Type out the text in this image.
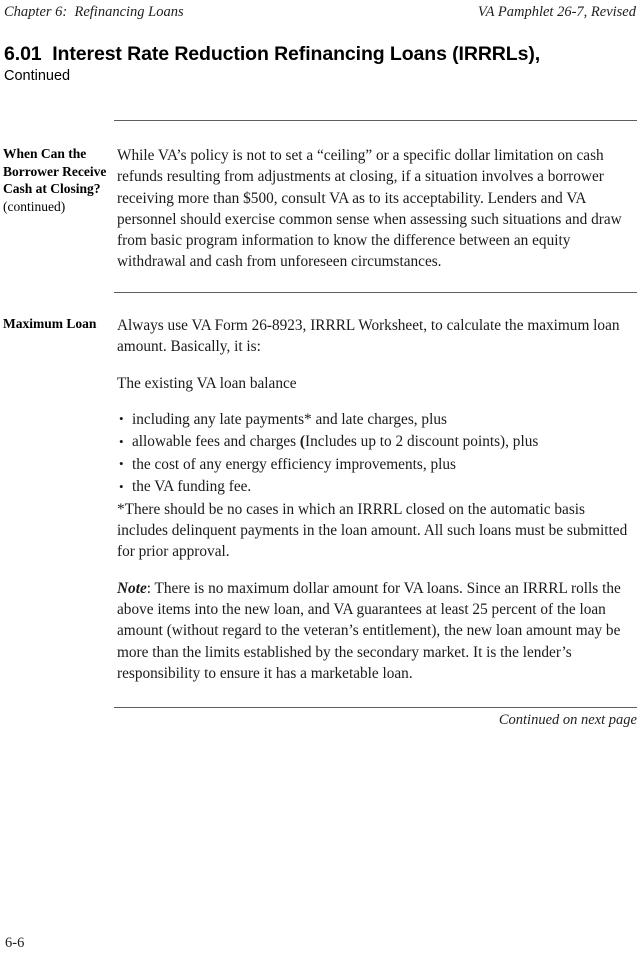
Chapter 6:  Refinancing Loans	VA Pamphlet 26-7, Revised
6.01  Interest Rate Reduction Refinancing Loans (IRRRLs),
Continued
When Can the Borrower Receive Cash at Closing?
(continued)

While VA’s policy is not to set a “ceiling” or a specific dollar limitation on cash refunds resulting from adjustments at closing, if a situation involves a borrower receiving more than $500, consult VA as to its acceptability. Lenders and VA personnel should exercise common sense when assessing such situations and draw from basic program information to know the difference between an equity withdrawal and cash from unforeseen circumstances.

Maximum Loan	Always use VA Form 26-8923, IRRRL Worksheet, to calculate the maximum loan amount. Basically, it is:

The existing VA loan balance

• including any late payments* and late charges, plus
• allowable fees and charges (Includes up to 2 discount points), plus
• the cost of any energy efficiency improvements, plus
• the VA funding fee.

*There should be no cases in which an IRRRL closed on the automatic basis includes delinquent payments in the loan amount. All such loans must be submitted for prior approval.

Note: There is no maximum dollar amount for VA loans. Since an IRRRL rolls the above items into the new loan, and VA guarantees at least 25 percent of the loan amount (without regard to the veteran’s entitlement), the new loan amount may be more than the limits established by the secondary market. It is the lender’s responsibility to ensure it has a marketable loan.

Continued on next page
6-6
